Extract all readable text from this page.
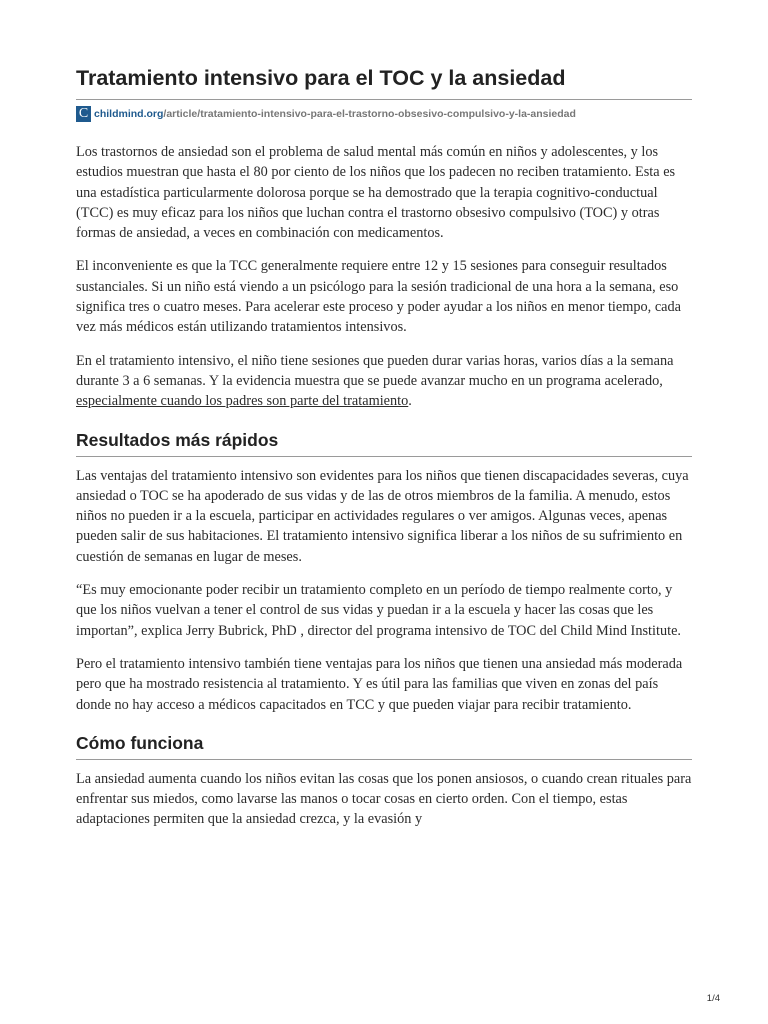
Tratamiento intensivo para el TOC y la ansiedad
C childmind.org/article/tratamiento-intensivo-para-el-trastorno-obsesivo-compulsivo-y-la-ansiedad

Los trastornos de ansiedad son el problema de salud mental más común en niños y adolescentes, y los estudios muestran que hasta el 80 por ciento de los niños que los padecen no reciben tratamiento. Esta es una estadística particularmente dolorosa porque se ha demostrado que la terapia cognitivo-conductual (TCC) es muy eficaz para los niños que luchan contra el trastorno obsesivo compulsivo (TOC) y otras formas de ansiedad, a veces en combinación con medicamentos.

El inconveniente es que la TCC generalmente requiere entre 12 y 15 sesiones para conseguir resultados sustanciales. Si un niño está viendo a un psicólogo para la sesión tradicional de una hora a la semana, eso significa tres o cuatro meses. Para acelerar este proceso y poder ayudar a los niños en menor tiempo, cada vez más médicos están utilizando tratamientos intensivos.

En el tratamiento intensivo, el niño tiene sesiones que pueden durar varias horas, varios días a la semana durante 3 a 6 semanas. Y la evidencia muestra que se puede avanzar mucho en un programa acelerado, especialmente cuando los padres son parte del tratamiento.

Resultados más rápidos

Las ventajas del tratamiento intensivo son evidentes para los niños que tienen discapacidades severas, cuya ansiedad o TOC se ha apoderado de sus vidas y de las de otros miembros de la familia. A menudo, estos niños no pueden ir a la escuela, participar en actividades regulares o ver amigos. Algunas veces, apenas pueden salir de sus habitaciones. El tratamiento intensivo significa liberar a los niños de su sufrimiento en cuestión de semanas en lugar de meses.

“Es muy emocionante poder recibir un tratamiento completo en un período de tiempo realmente corto, y que los niños vuelvan a tener el control de sus vidas y puedan ir a la escuela y hacer las cosas que les importan”, explica Jerry Bubrick, PhD , director del programa intensivo de TOC del Child Mind Institute.

Pero el tratamiento intensivo también tiene ventajas para los niños que tienen una ansiedad más moderada pero que ha mostrado resistencia al tratamiento. Y es útil para las familias que viven en zonas del país donde no hay acceso a médicos capacitados en TCC y que pueden viajar para recibir tratamiento.

Cómo funciona

La ansiedad aumenta cuando los niños evitan las cosas que los ponen ansiosos, o cuando crean rituales para enfrentar sus miedos, como lavarse las manos o tocar cosas en cierto orden. Con el tiempo, estas adaptaciones permiten que la ansiedad crezca, y la evasión y

1/4
